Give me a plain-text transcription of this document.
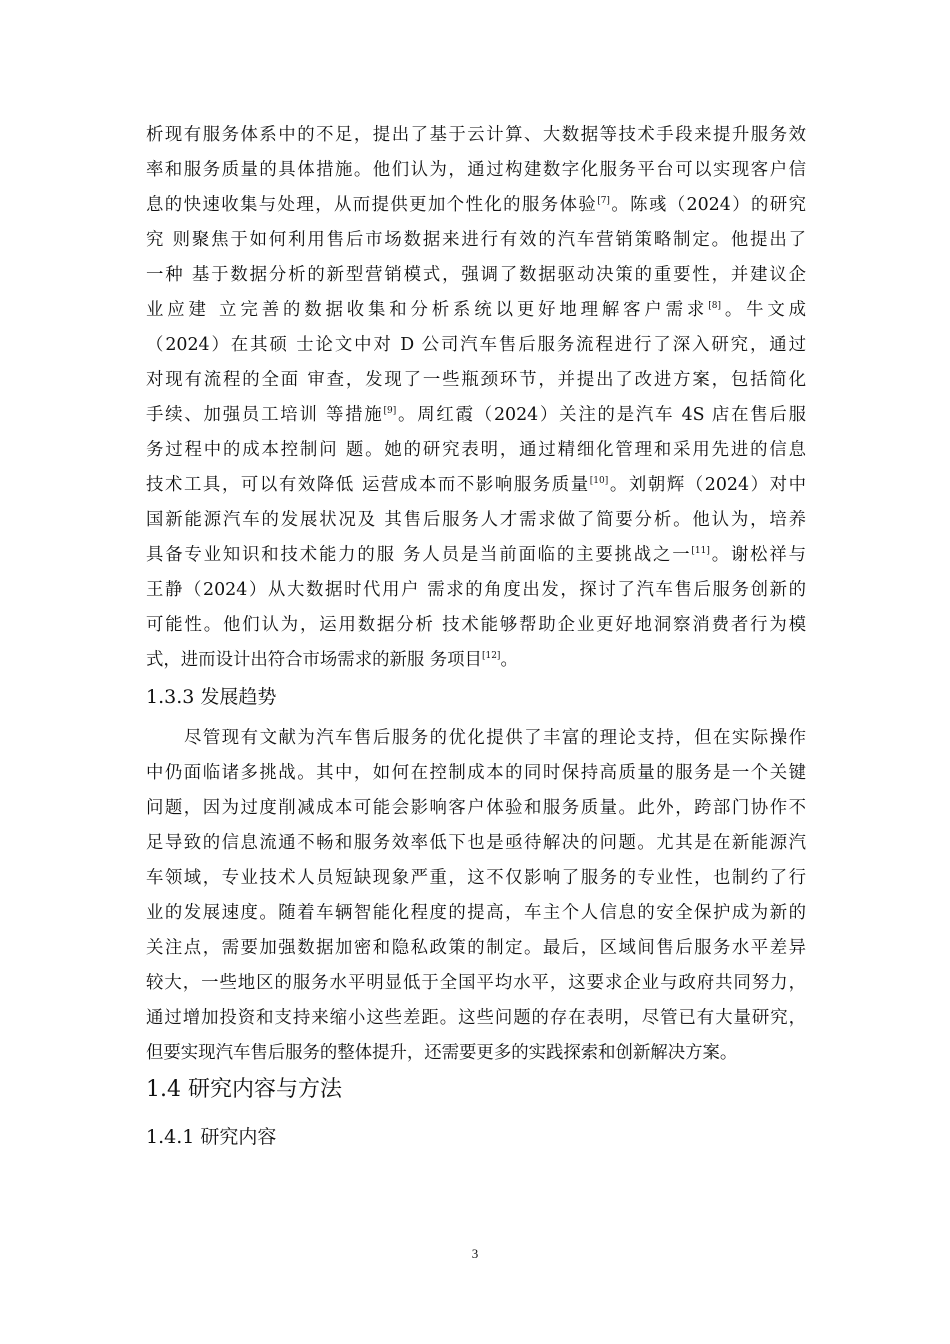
析现有服务体系中的不足，提出了基于云计算、大数据等技术手段来提升服务效
率和服务质量的具体措施。他们认为，通过构建数字化服务平台可以实现客户信
息的快速收集与处理，从而提供更加个性化的服务体验[7]。陈彧（2024）的研究
究 则聚焦于如何利用售后市场数据来进行有效的汽车营销策略制定。他提出了
一种 基于数据分析的新型营销模式，强调了数据驱动决策的重要性，并建议企
业应建 立完善的数据收集和分析系统以更好地理解客户需求[8]。牛文成
（2024）在其硕 士论文中对 D 公司汽车售后服务流程进行了深入研究，通过
对现有流程的全面 审查，发现了一些瓶颈环节，并提出了改进方案，包括简化
手续、加强员工培训 等措施[9]。周红霞（2024）关注的是汽车 4S 店在售后服
务过程中的成本控制问 题。她的研究表明，通过精细化管理和采用先进的信息
技术工具，可以有效降低 运营成本而不影响服务质量[10]。刘朝辉（2024）对中
国新能源汽车的发展状况及 其售后服务人才需求做了简要分析。他认为，培养
具备专业知识和技术能力的服 务人员是当前面临的主要挑战之一[11]。谢松祥与
王静（2024）从大数据时代用户 需求的角度出发，探讨了汽车售后服务创新的
可能性。他们认为，运用数据分析 技术能够帮助企业更好地洞察消费者行为模
式，进而设计出符合市场需求的新服 务项目[12]。
1.3.3 发展趋势
尽管现有文献为汽车售后服务的优化提供了丰富的理论支持，但在实际操作
中仍面临诸多挑战。其中，如何在控制成本的同时保持高质量的服务是一个关键
问题，因为过度削减成本可能会影响客户体验和服务质量。此外，跨部门协作不
足导致的信息流通不畅和服务效率低下也是亟待解决的问题。尤其是在新能源汽
车领域，专业技术人员短缺现象严重，这不仅影响了服务的专业性，也制约了行
业的发展速度。随着车辆智能化程度的提高，车主个人信息的安全保护成为新的
关注点，需要加强数据加密和隐私政策的制定。最后，区域间售后服务水平差异
较大，一些地区的服务水平明显低于全国平均水平，这要求企业与政府共同努力，
通过增加投资和支持来缩小这些差距。这些问题的存在表明，尽管已有大量研究，
但要实现汽车售后服务的整体提升，还需要更多的实践探索和创新解决方案。
1.4 研究内容与方法
1.4.1 研究内容
3
